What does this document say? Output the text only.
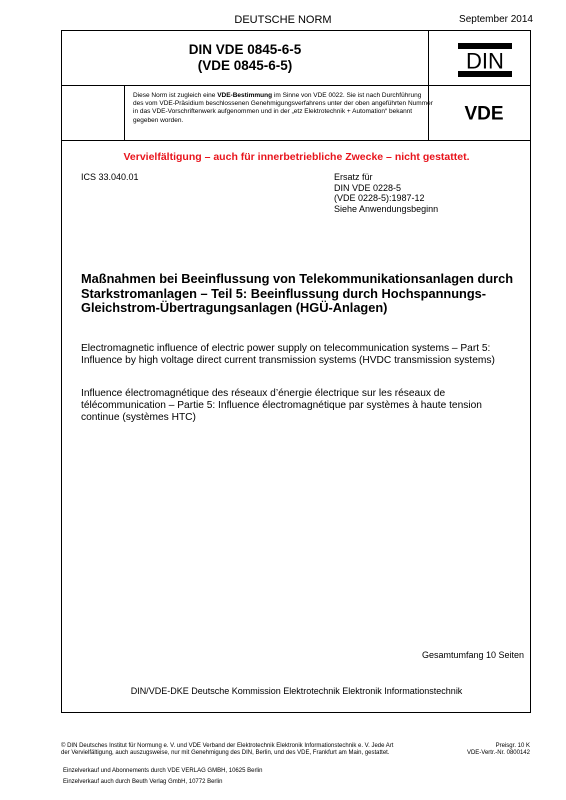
DEUTSCHE NORM	September 2014
DIN VDE 0845-6-5
(VDE 0845-6-5)	DIN
Diese Norm ist zugleich eine VDE-Bestimmung im Sinne von VDE 0022. Sie ist nach Durchführung des vom VDE-Präsidium beschlossenen Genehmigungsverfahrens unter der oben angeführten Nummer in das VDE-Vorschriftenwerk aufgenommen und in der „etz Elektrotechnik + Automation“ bekannt gegeben worden.	VDE
Vervielfältigung – auch für innerbetriebliche Zwecke – nicht gestattet.
ICS 33.040.01	Ersatz für
DIN VDE 0228-5
(VDE 0228-5):1987-12
Siehe Anwendungsbeginn
Maßnahmen bei Beeinflussung von Telekommunikationsanlagen durch Starkstromanlagen – Teil 5: Beeinflussung durch Hochspannungs-Gleichstrom-Übertragungsanlagen (HGÜ-Anlagen)
Electromagnetic influence of electric power supply on telecommunication systems – Part 5: Influence by high voltage direct current transmission systems (HVDC transmission systems)
Influence électromagnétique des réseaux d’énergie électrique sur les réseaux de télécommunication – Partie 5: Influence électromagnétique par systèmes à haute tension continue (systèmes HTC)
Gesamtumfang 10 Seiten
DIN/VDE-DKE Deutsche Kommission Elektrotechnik Elektronik Informationstechnik
© DIN Deutsches Institut für Normung e. V. und VDE Verband der Elektrotechnik Elektronik Informationstechnik e. V. Jede Art der Vervielfältigung, auch auszugsweise, nur mit Genehmigung des DIN, Berlin, und des VDE, Frankfurt am Main, gestattet.
Preisgr. 10 K
VDE-Vertr.-Nr. 0800142
Einzelverkauf und Abonnements durch VDE VERLAG GMBH, 10625 Berlin
Einzelverkauf auch durch Beuth Verlag GmbH, 10772 Berlin
